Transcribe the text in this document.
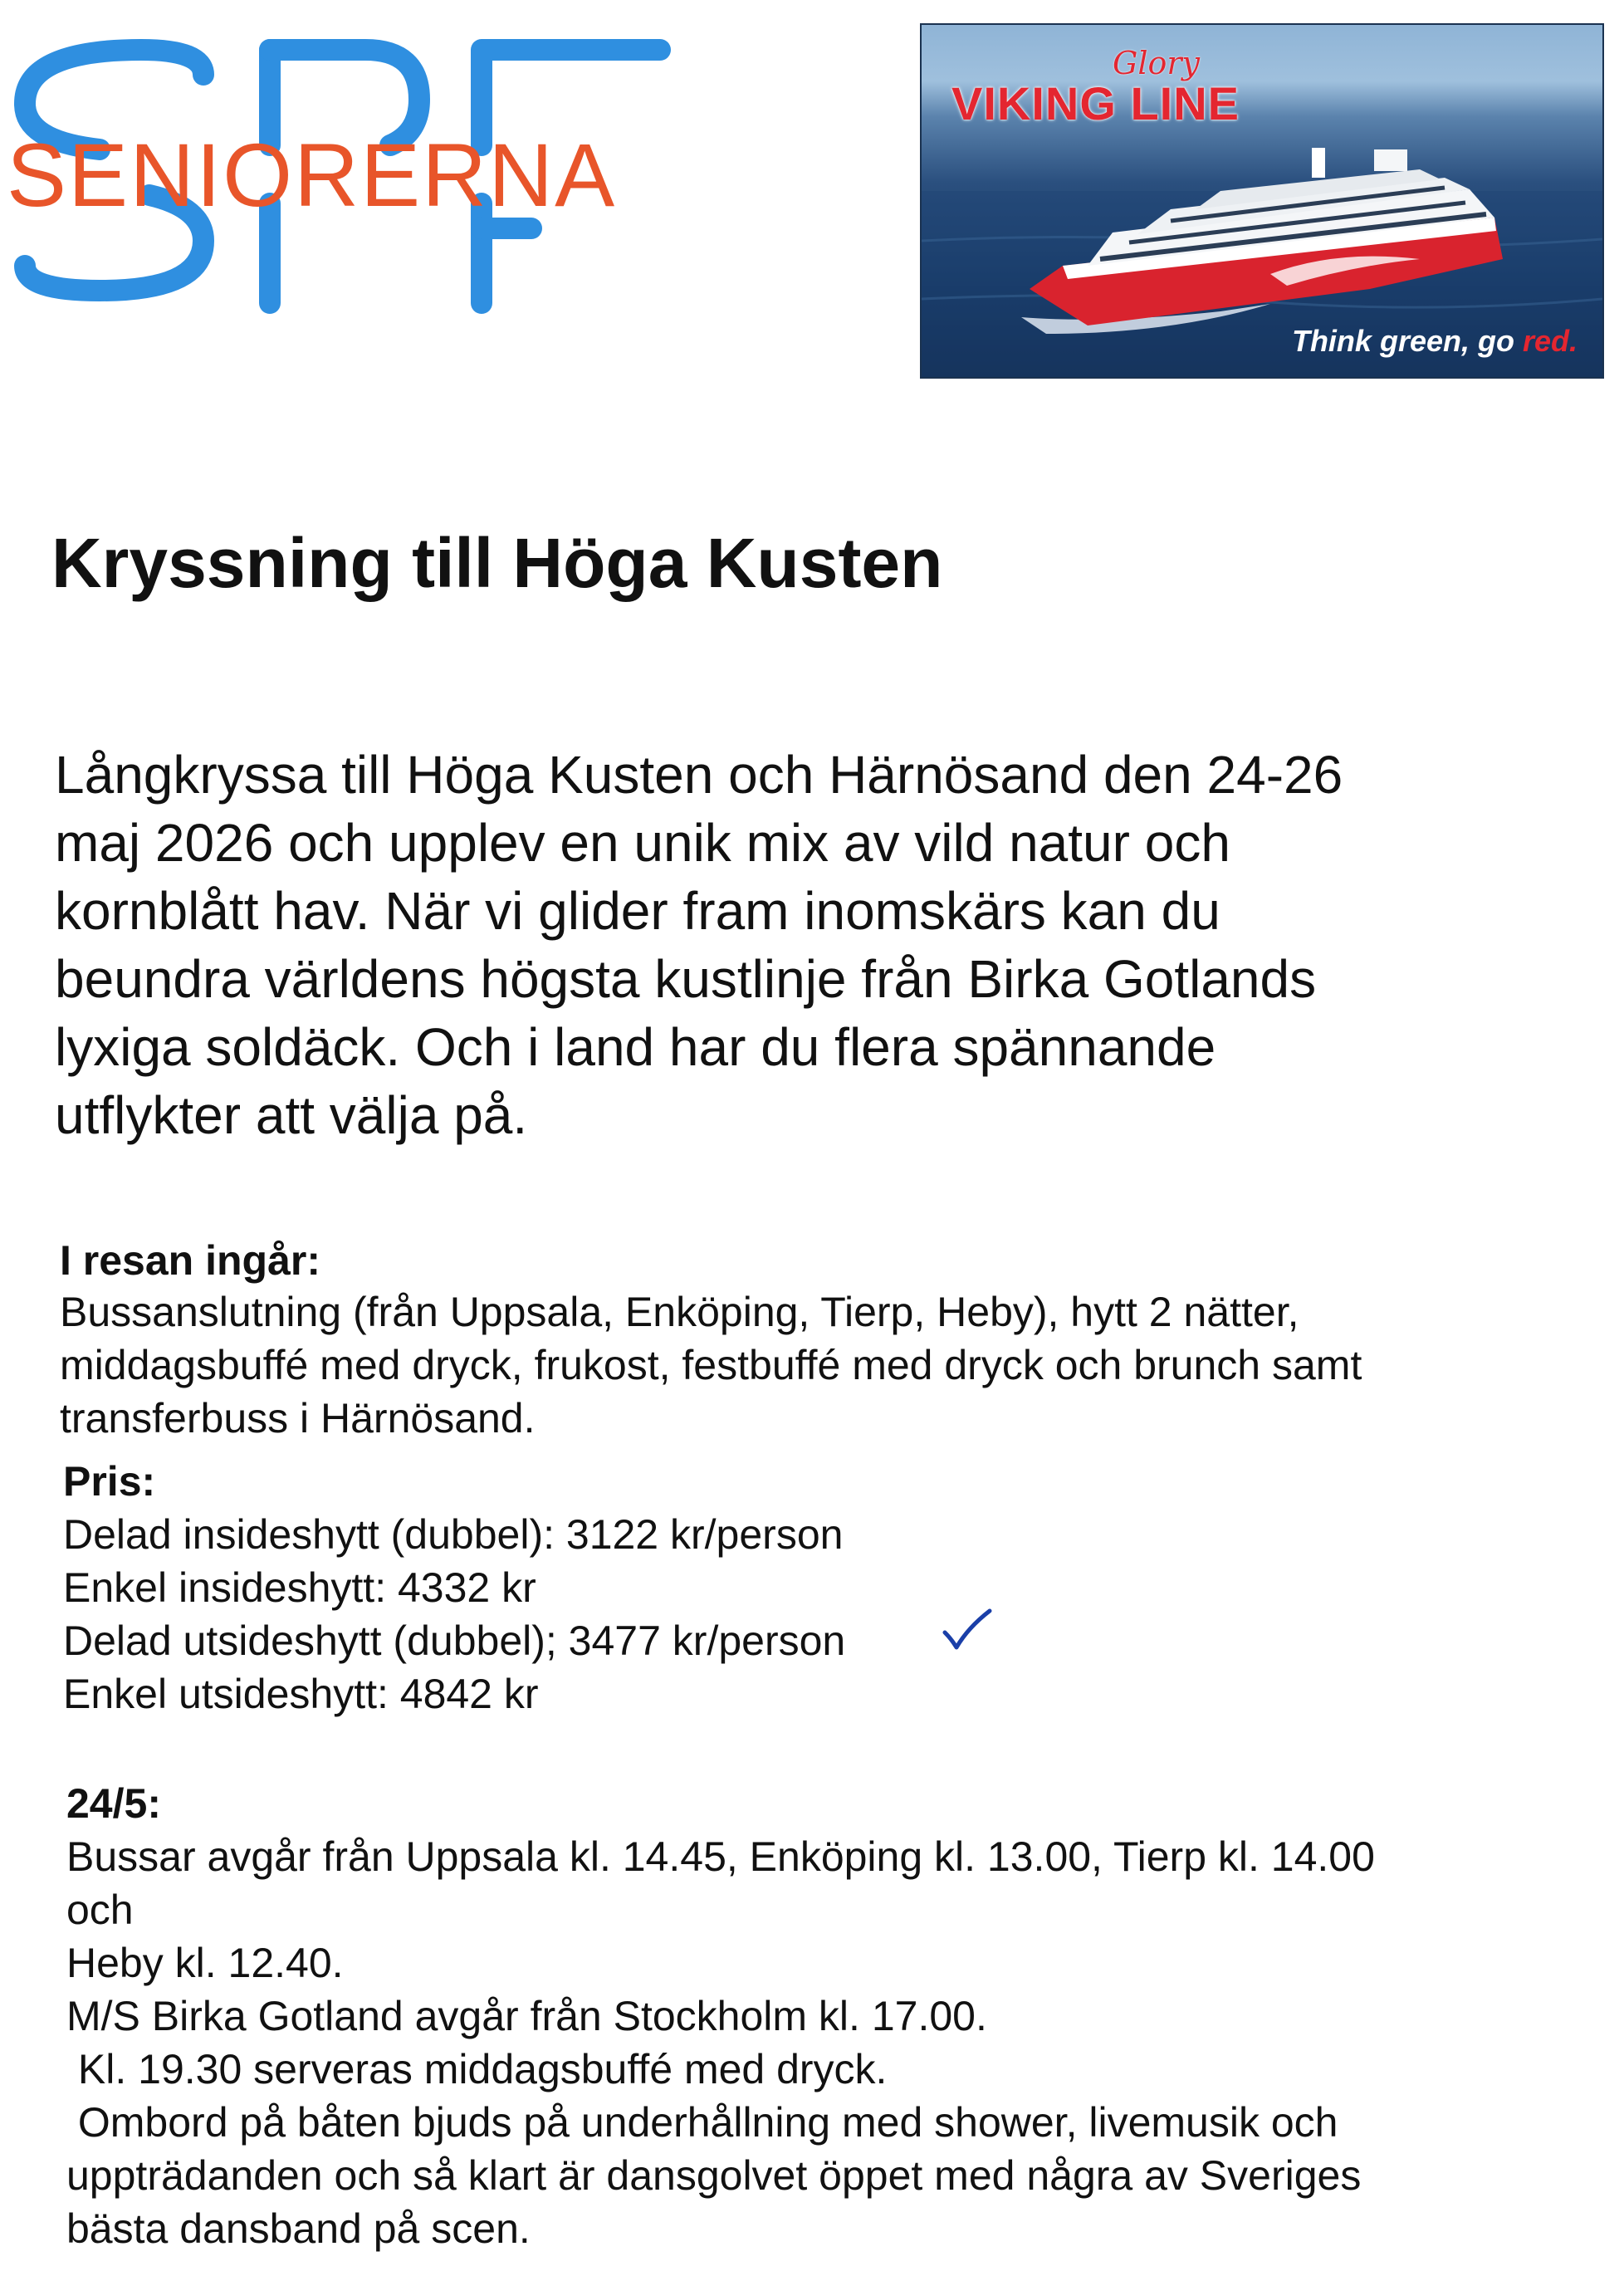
SENIORERNA
Glory
VIKING LINE
Think green, go red.
Kryssning till Höga Kusten
Långkryssa till Höga Kusten och Härnösand den 24-26
maj 2026 och upplev en unik mix av vild natur och
kornblått hav. När vi glider fram inomskärs kan du
beundra världens högsta kustlinje från Birka Gotlands
lyxiga soldäck. Och i land har du flera spännande
utflykter att välja på.
I resan ingår:
Bussanslutning (från Uppsala, Enköping, Tierp, Heby), hytt 2 nätter,
middagsbuffé med dryck, frukost, festbuffé med dryck och brunch samt
transferbuss i Härnösand.
Pris:
Delad insideshytt (dubbel): 3122 kr/person
Enkel insideshytt: 4332 kr
Delad utsideshytt (dubbel); 3477 kr/person
Enkel utsideshytt: 4842 kr
24/5:
Bussar avgår från Uppsala kl. 14.45, Enköping kl. 13.00, Tierp kl. 14.00
och
Heby kl. 12.40.
M/S Birka Gotland avgår från Stockholm kl. 17.00.
Kl. 19.30 serveras middagsbuffé med dryck.
Ombord på båten bjuds på underhållning med shower, livemusik och
uppträdanden och så klart är dansgolvet öppet med några av Sveriges
bästa dansband på scen.
